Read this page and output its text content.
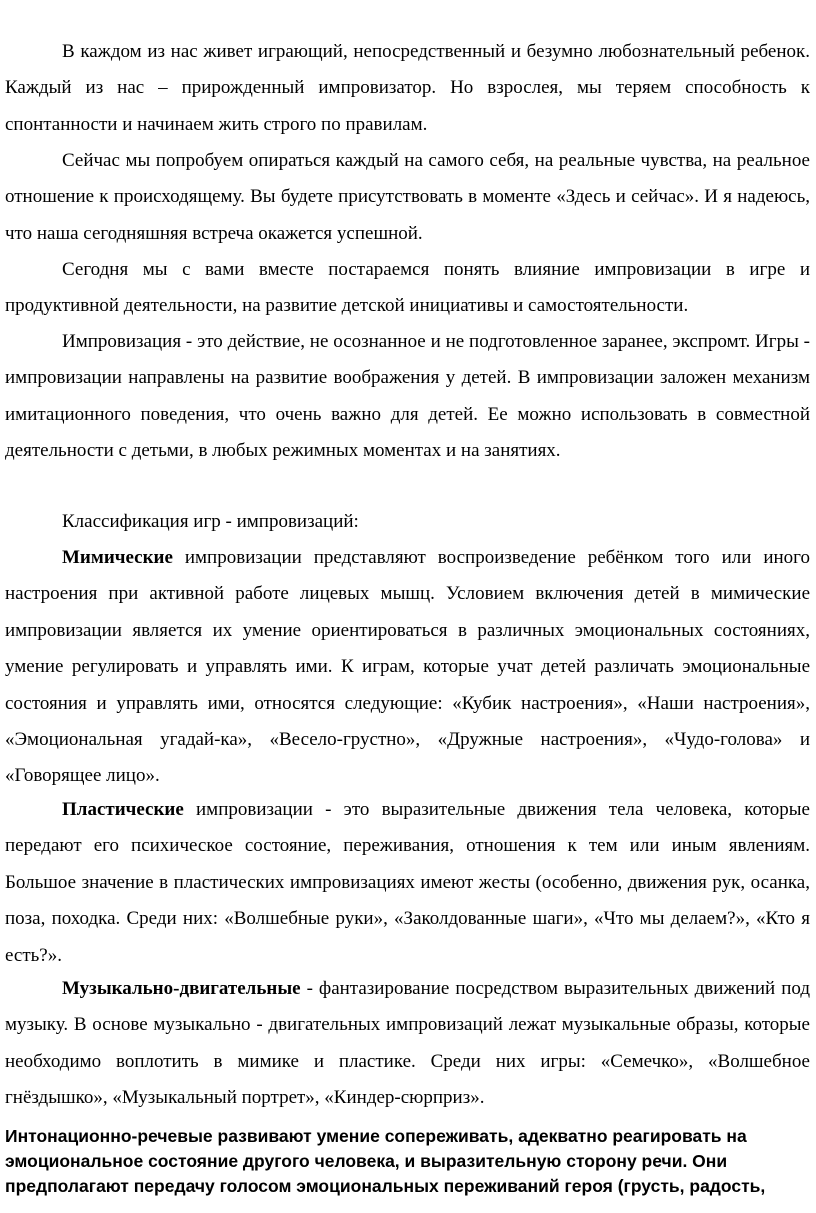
В каждом из нас живет играющий, непосредственный и безумно любознательный ребенок. Каждый из нас – прирожденный импровизатор. Но взрослея, мы теряем способность к спонтанности и начинаем жить строго по правилам.

Сейчас мы попробуем опираться каждый на самого себя, на реальные чувства, на реальное отношение к происходящему. Вы будете присутствовать в моменте «Здесь и сейчас». И я надеюсь, что наша сегодняшняя встреча окажется успешной.

Сегодня мы с вами вместе постараемся понять влияние импровизации в игре и продуктивной деятельности, на развитие детской инициативы и самостоятельности.

Импровизация - это действие, не осознанное и не подготовленное заранее, экспромт. Игры - импровизации направлены на развитие воображения у детей. В импровизации заложен механизм имитационного поведения, что очень важно для детей. Ее можно использовать в совместной деятельности с детьми, в любых режимных моментах и на занятиях.

Классификация игр - импровизаций:

Мимические импровизации представляют воспроизведение ребёнком того или иного настроения при активной работе лицевых мышц. Условием включения детей в мимические импровизации является их умение ориентироваться в различных эмоциональных состояниях, умение регулировать и управлять ими. К играм, которые учат детей различать эмоциональные состояния и управлять ими, относятся следующие: «Кубик настроения», «Наши настроения», «Эмоциональная угадай-ка», «Весело-грустно», «Дружные настроения», «Чудо-голова» и «Говорящее лицо».

Пластические импровизации - это выразительные движения тела человека, которые передают его психическое состояние, переживания, отношения к тем или иным явлениям. Большое значение в пластических импровизациях имеют жесты (особенно, движения рук, осанка, поза, походка. Среди них: «Волшебные руки», «Заколдованные шаги», «Что мы делаем?», «Кто я есть?».

Музыкально-двигательные - фантазирование посредством выразительных движений под музыку. В основе музыкально - двигательных импровизаций лежат музыкальные образы, которые необходимо воплотить в мимике и пластике. Среди них игры: «Семечко», «Волшебное гнёздышко», «Музыкальный портрет», «Киндер-сюрприз».

Интонационно-речевые развивают умение сопереживать, адекватно реагировать на эмоциональное состояние другого человека, и выразительную сторону речи. Они предполагают передачу голосом эмоциональных переживаний героя (грусть, радость,
